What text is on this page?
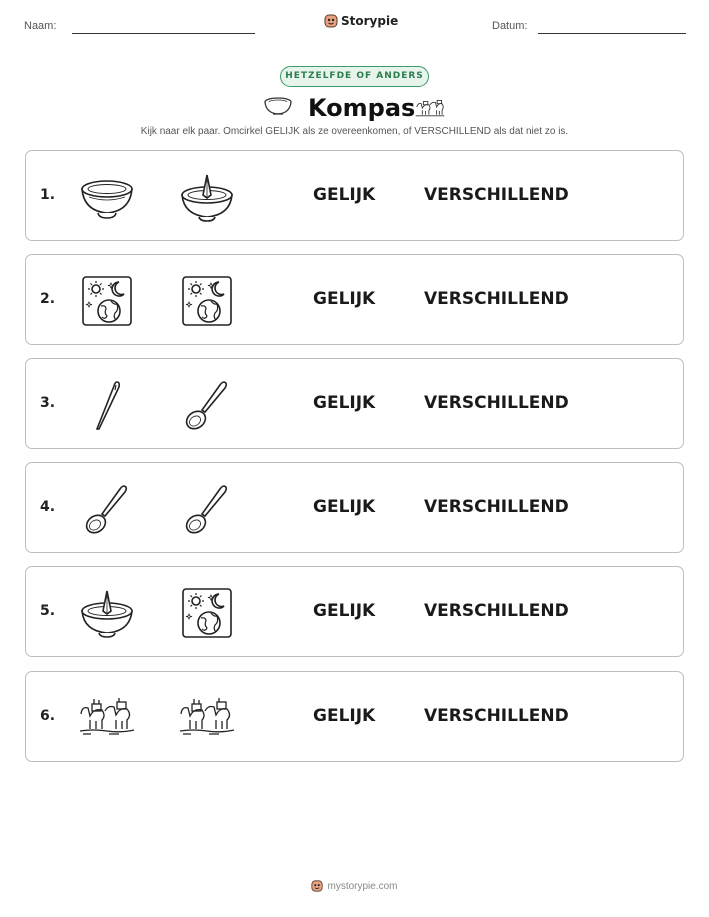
Naam:	Storypie	Datum:
HETZELFDE OF ANDERS
Kompas
Kijk naar elk paar. Omcirkel GELIJK als ze overeenkomen, of VERSCHILLEND als dat niet zo is.
1.	GELIJK	VERSCHILLEND
2.	GELIJK	VERSCHILLEND
3.	GELIJK	VERSCHILLEND
4.	GELIJK	VERSCHILLEND
5.	GELIJK	VERSCHILLEND
6.	GELIJK	VERSCHILLEND
mystorypie.com
